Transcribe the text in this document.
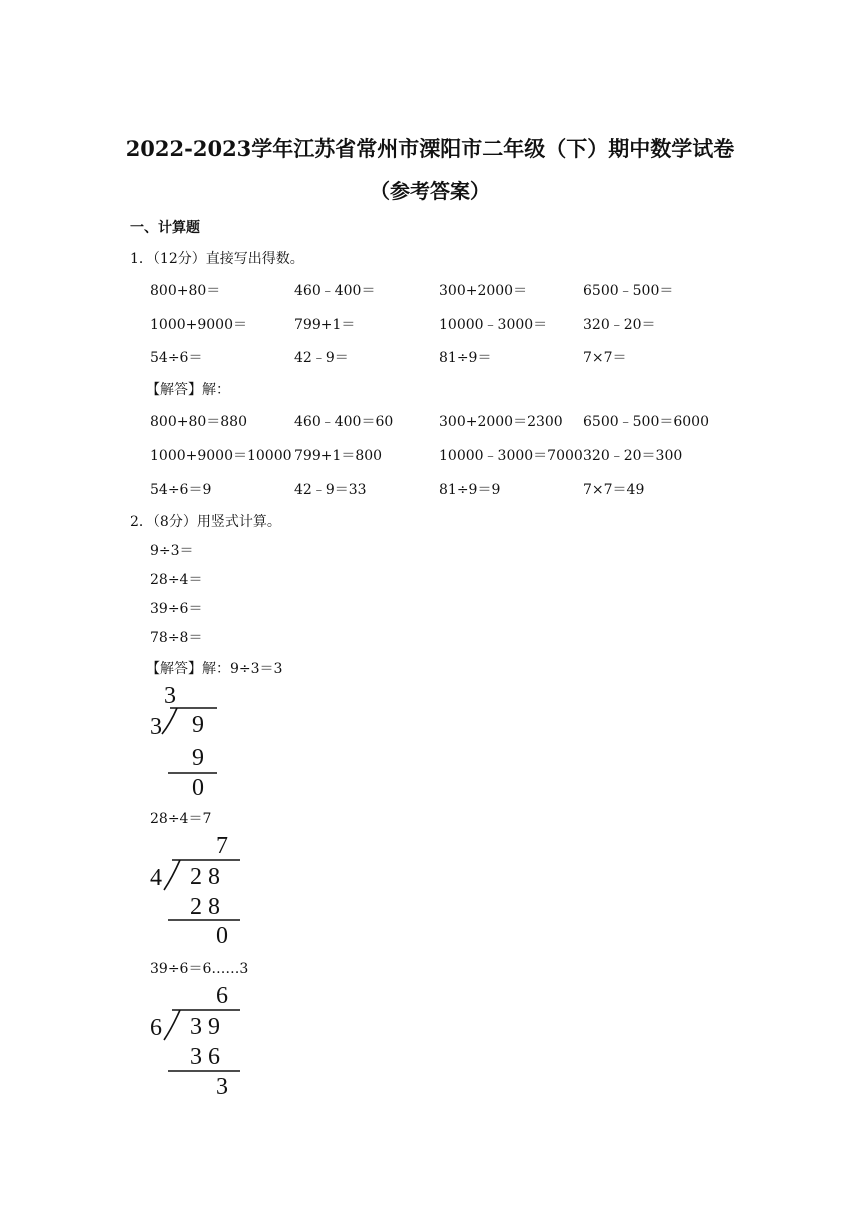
2022-2023学年江苏省常州市溧阳市二年级（下）期中数学试卷
（参考答案）
一、计算题
1．（12分）直接写出得数。
800+80＝	460﹣400＝	300+2000＝	6500﹣500＝
1000+9000＝	799+1＝	10000﹣3000＝	320﹣20＝
54÷6＝	42﹣9＝	81÷9＝	7×7＝
【解答】解：
800+80＝880	460﹣400＝60	300+2000＝2300 6500﹣500＝6000
1000+9000＝10000 799+1＝800	10000﹣3000＝7000 320﹣20＝300
54÷6＝9	42﹣9＝33	81÷9＝9	7×7＝49
2．（8分）用竖式计算。
9÷3＝
28÷4＝
39÷6＝
78÷8＝
【解答】解：9÷3＝3
3
3 9
9
0
28÷4＝7
7
4 2 8
2 8
0
39÷6＝6……3
6
6 3 9
3 6
3
